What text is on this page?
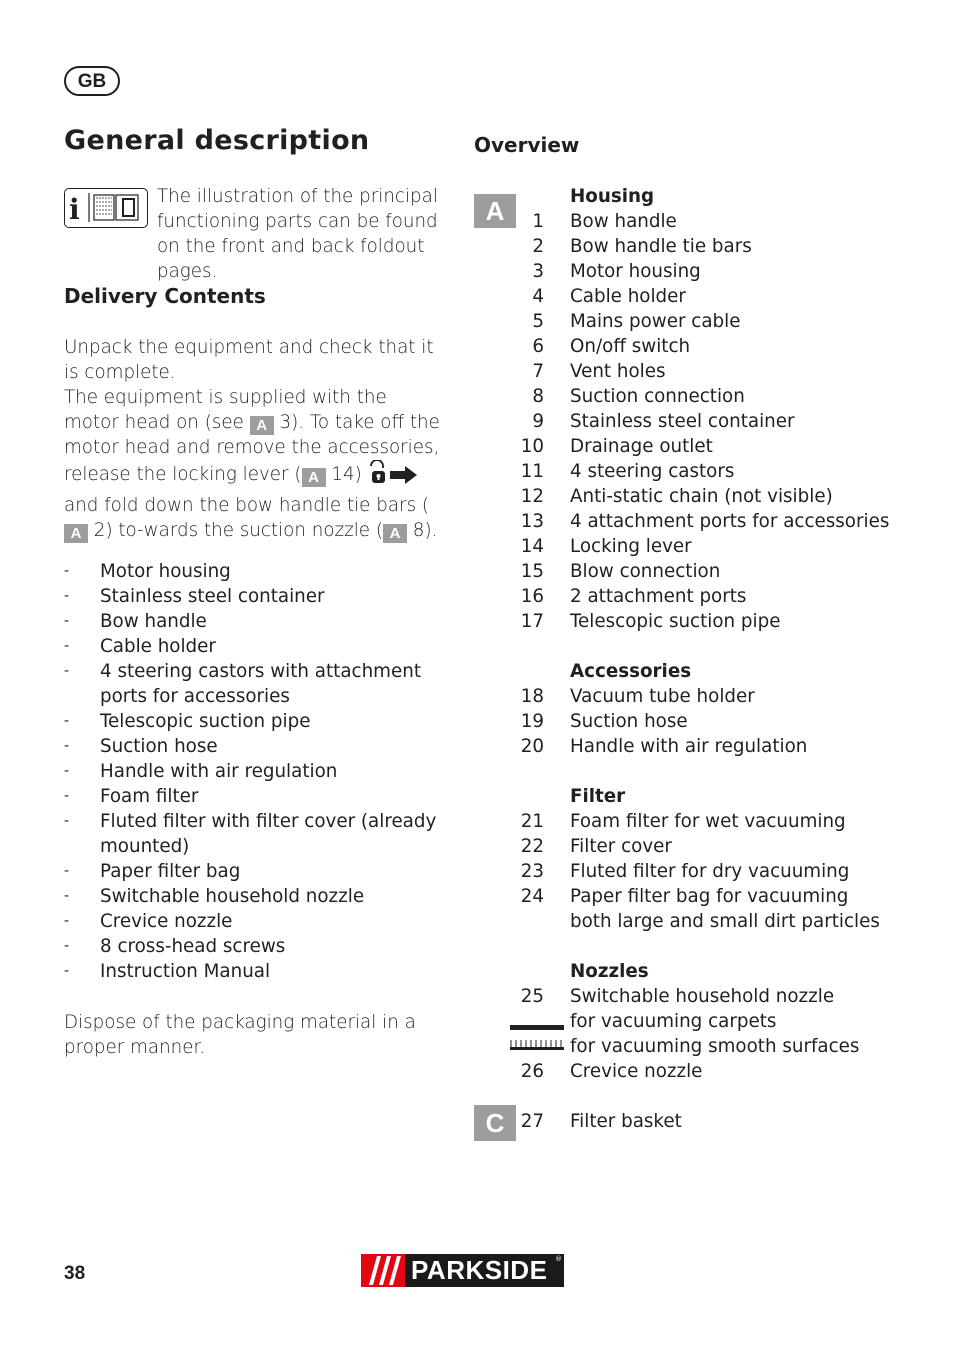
GB
General description
i	The illustration of the principal functioning parts can be found on the front and back foldout pages.

Delivery Contents

Unpack the equipment and check that it is complete.

The equipment is supplied with the motor head on (see A 3). To take off the motor head and remove the accessories, release the locking lever ( A 14)  and fold down the bow handle tie bars (A 2) to-wards the suction nozzle ( A 8).

- Motor housing
- Stainless steel container
- Bow handle
- Cable holder
- 4 steering castors with attachment ports for accessories
- Telescopic suction pipe
- Suction hose
- Handle with air regulation
- Foam filter
- Fluted filter with filter cover (already mounted)
- Paper filter bag
- Switchable household nozzle
- Crevice nozzle
- 8 cross-head screws
- Instruction Manual

Dispose of the packaging material in a proper manner.

Overview
A	Housing
1 Bow handle
2 Bow handle tie bars
3 Motor housing
4 Cable holder
5 Mains power cable
6 On/off switch
7 Vent holes
8 Suction connection
9 Stainless steel container
10 Drainage outlet
11 4 steering castors
12 Anti-static chain (not visible)
13 4 attachment ports for accessories
14 Locking lever
15 Blow connection
16 2 attachment ports
17 Telescopic suction pipe
Accessories
18 Vacuum tube holder
19 Suction hose
20 Handle with air regulation
Filter
21 Foam filter for wet vacuuming
22 Filter cover
23 Fluted filter for dry vacuuming
24 Paper filter bag for vacuuming
both large and small dirt particles
Nozzles
25 Switchable household nozzle
for vacuuming carpets
for vacuuming smooth surfaces
26 Crevice nozzle
C 27 Filter basket
38	PARKSIDE ®
